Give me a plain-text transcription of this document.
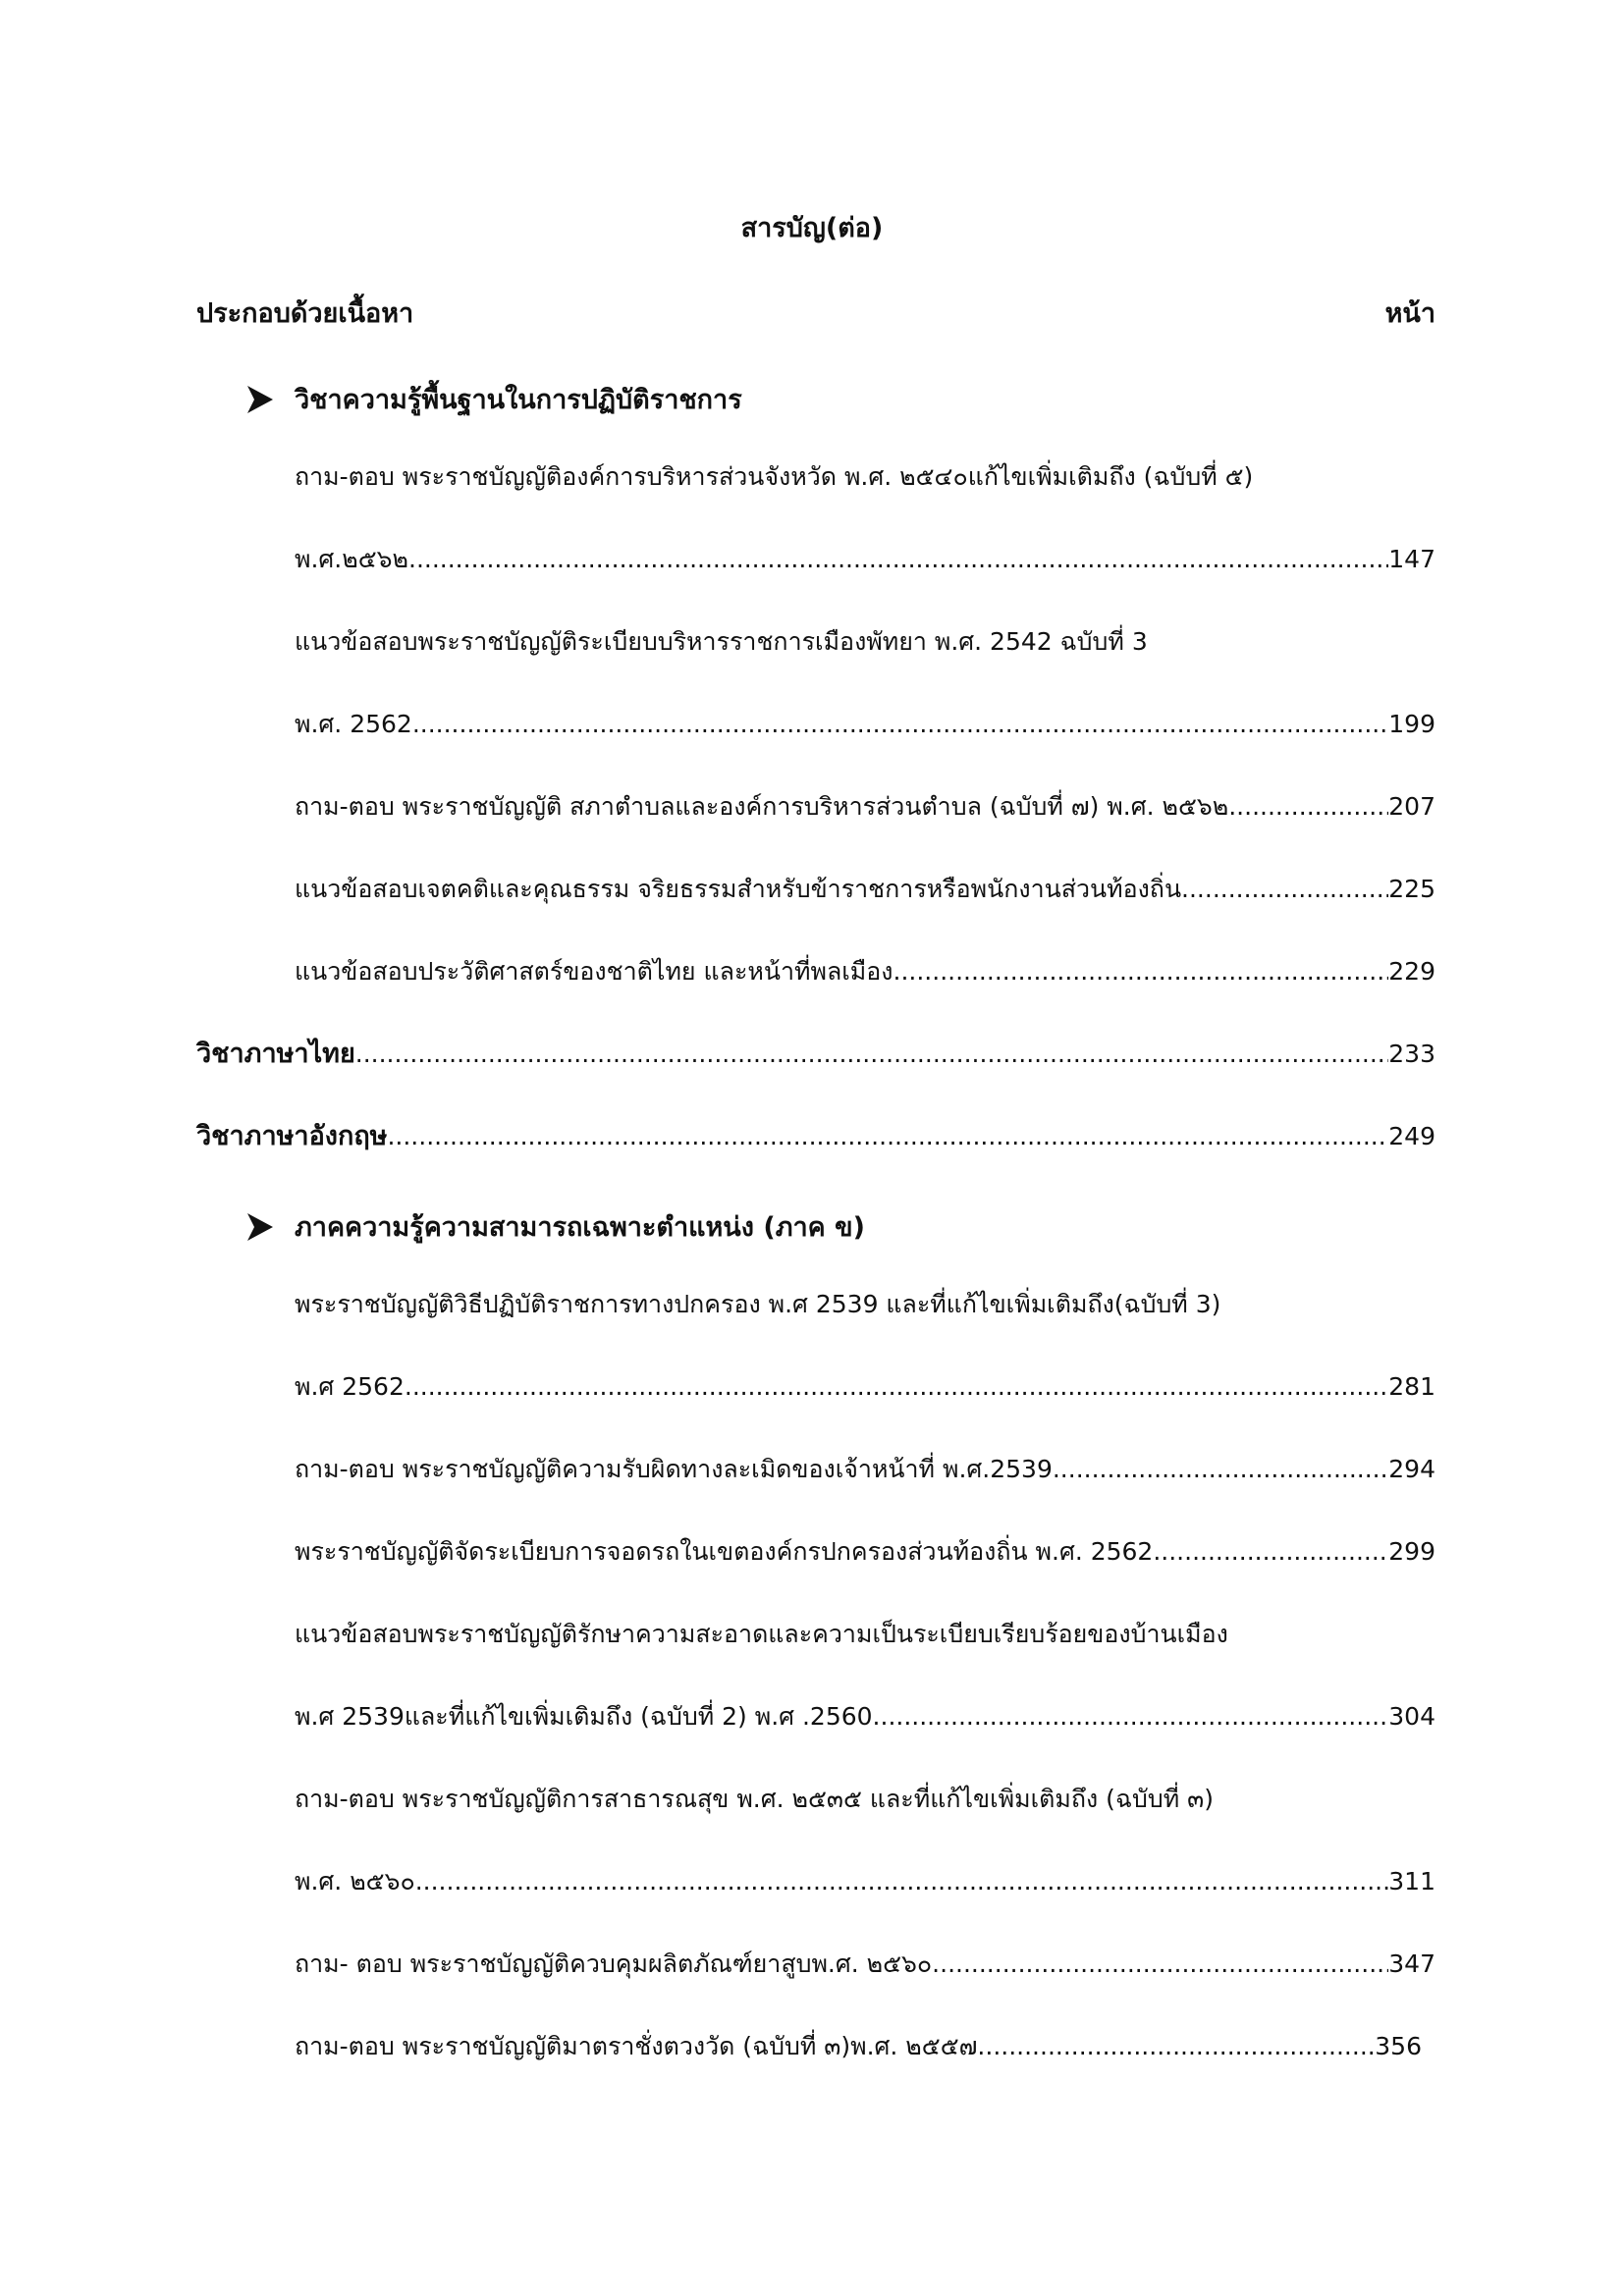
สารบัญ(ต่อ)
ประกอบด้วยเนื้อหา	หน้า
วิชาความรู้พื้นฐานในการปฏิบัติราชการ
ถาม-ตอบ พระราชบัญญัติองค์การบริหารส่วนจังหวัด พ.ศ. ๒๕๔๐แก้ไขเพิ่มเติมถึง (ฉบับที่ ๕)
พ.ศ.๒๕๖๒ .....	147
แนวข้อสอบพระราชบัญญัติระเบียบบริหารราชการเมืองพัทยา พ.ศ. 2542 ฉบับที่ 3
พ.ศ. 2562 .....	199
ถาม-ตอบ พระราชบัญญัติ สภาตำบลและองค์การบริหารส่วนตำบล (ฉบับที่ ๗) พ.ศ. ๒๕๖๒ .....	207
แนวข้อสอบเจตคติและคุณธรรม จริยธรรมสำหรับข้าราชการหรือพนักงานส่วนท้องถิ่น .....	225
แนวข้อสอบประวัติศาสตร์ของชาติไทย และหน้าที่พลเมือง .....	229
วิชาภาษาไทย .....	233
วิชาภาษาอังกฤษ .....	249
ภาคความรู้ความสามารถเฉพาะตำแหน่ง (ภาค ข)
พระราชบัญญัติวิธีปฏิบัติราชการทางปกครอง พ.ศ 2539 และที่แก้ไขเพิ่มเติมถึง(ฉบับที่ 3)
พ.ศ 2562 .....	281
ถาม-ตอบ พระราชบัญญัติความรับผิดทางละเมิดของเจ้าหน้าที่ พ.ศ.2539 .....	294
พระราชบัญญัติจัดระเบียบการจอดรถในเขตองค์กรปกครองส่วนท้องถิ่น พ.ศ. 2562 .....	299
แนวข้อสอบพระราชบัญญัติรักษาความสะอาดและความเป็นระเบียบเรียบร้อยของบ้านเมือง
พ.ศ 2539และที่แก้ไขเพิ่มเติมถึง (ฉบับที่ 2) พ.ศ .2560 .....	304
ถาม-ตอบ พระราชบัญญัติการสาธารณสุข พ.ศ. ๒๕๓๕ และที่แก้ไขเพิ่มเติมถึง (ฉบับที่ ๓)
พ.ศ. ๒๕๖๐ .....	311
ถาม- ตอบ พระราชบัญญัติควบคุมผลิตภัณฑ์ยาสูบพ.ศ. ๒๕๖๐ .....	347
ถาม-ตอบ พระราชบัญญัติมาตราชั่งตวงวัด (ฉบับที่ ๓)พ.ศ. ๒๕๕๗ .....	356
